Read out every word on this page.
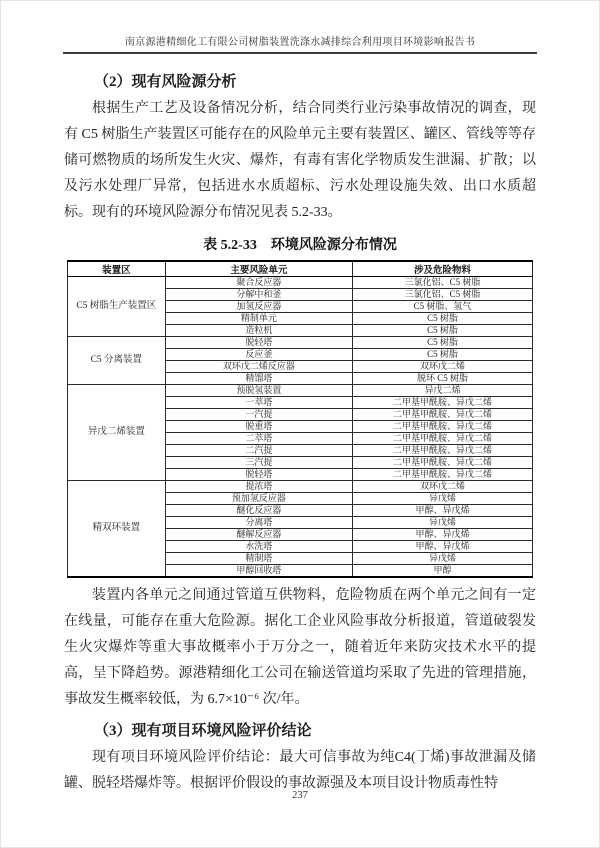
南京源港精细化工有限公司树脂装置洗涤水减排综合利用项目环境影响报告书
（2）现有风险源分析

根据生产工艺及设备情况分析，结合同类行业污染事故情况的调查，现有 C5 树脂生产装置区可能存在的风险单元主要有装置区、罐区、管线等等存储可燃物质的场所发生火灾、爆炸，有毒有害化学物质发生泄漏、扩散；以及污水处理厂异常，包括进水水质超标、污水处理设施失效、出口水质超标。现有的环境风险源分布情况见表 5.2-33。

表 5.2-33　环境风险源分布情况
装置区	主要风险单元	涉及危险物料
C5 树脂生产装置区	聚合反应器	三氯化铝、C5 树脂
	分解中和釜	三氯化铝、C5 树脂
	加氢反应器	C5 树脂、氢气
	精制单元	C5 树脂
	造粒机	C5 树脂
C5 分离装置	脱轻塔	C5 树脂
	反应釜	C5 树脂
	双环戊二烯反应器	双环戊二烯
	精馏塔	脱环 C5 树脂
异戊二烯装置	预脱氢装置	异戊二烯
	一萃塔	二甲基甲酰胺、异戊二烯
	一汽提	二甲基甲酰胺、异戊二烯
	脱重塔	二甲基甲酰胺、异戊二烯
	二萃塔	二甲基甲酰胺、异戊二烯
	二汽提	二甲基甲酰胺、异戊二烯
	三汽提	二甲基甲酰胺、异戊二烯
	脱轻塔	二甲基甲酰胺、异戊二烯
精双环装置	提浓塔	双环戊二烯
	预加氢反应器	异戊烯
	醚化反应器	甲醇、异戊烯
	分离塔	异戊烯
	醚解反应器	甲醇、异戊烯
	水洗塔	甲醇、异戊烯
	精制塔	异戊烯
	甲醇回收塔	甲醇

装置内各单元之间通过管道互供物料，危险物质在两个单元之间有一定在线量，可能存在重大危险源。据化工企业风险事故分析报道，管道破裂发生火灾爆炸等重大事故概率小于万分之一，随着近年来防灾技术水平的提高，呈下降趋势。源港精细化工公司在输送管道均采取了先进的管理措施，事故发生概率较低，为 6.7×10⁻⁶ 次/年。

（3）现有项目环境风险评价结论

现有项目环境风险评价结论：最大可信事故为纯C4(丁烯)事故泄漏及储罐、脱轻塔爆炸等。根据评价假设的事故源强及本项目设计物质毒性特

237
